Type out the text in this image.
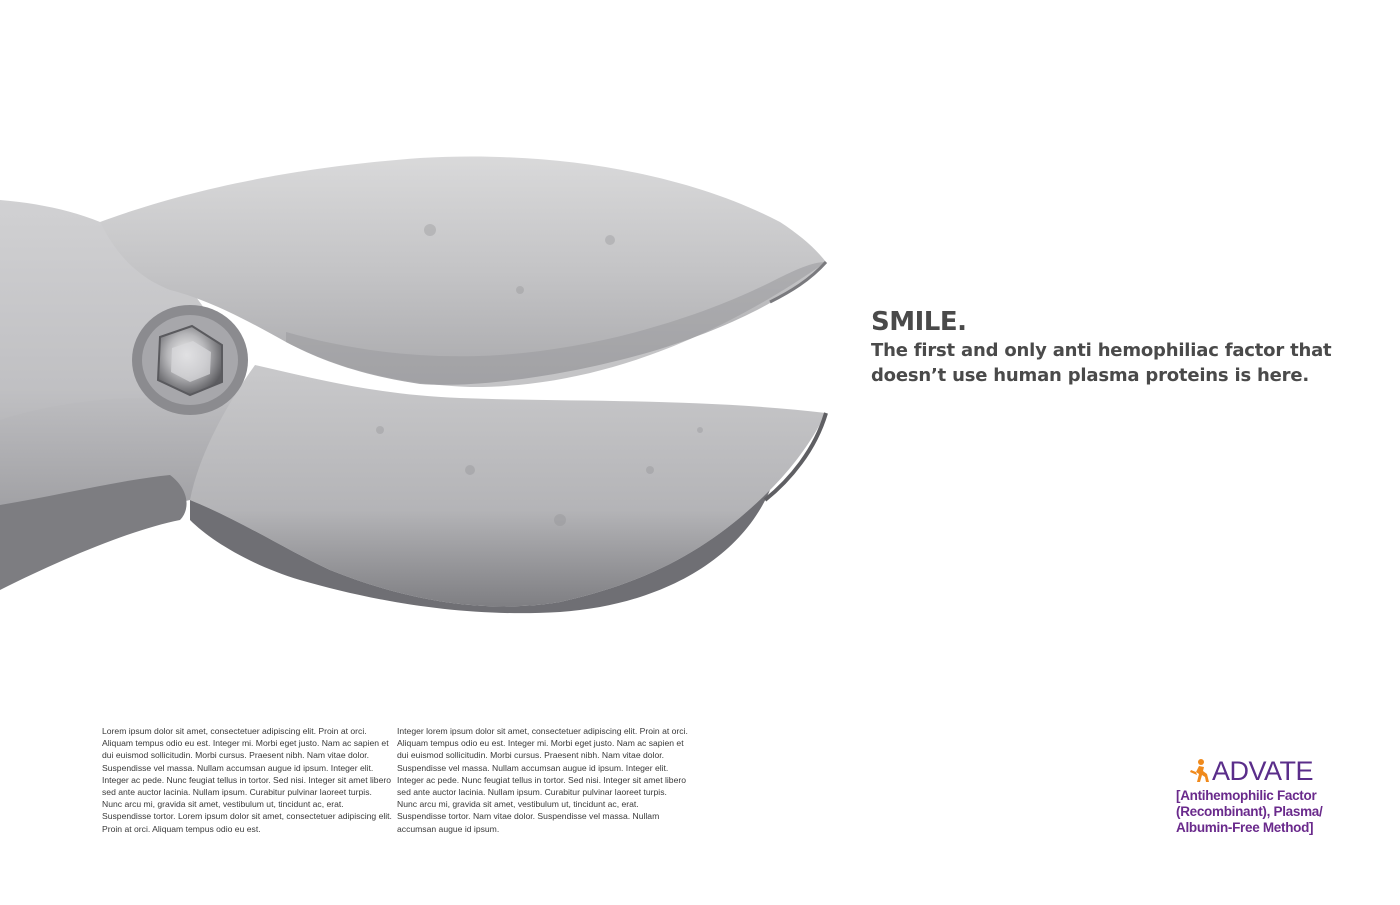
SMILE.

The first and only anti hemophiliac factor that

doesn’t use human plasma proteins is here.

Lorem ipsum dolor sit amet, consectetuer adipiscing elit. Proin at orci. Aliquam tempus odio eu est. Integer mi. Morbi eget justo. Nam ac sapien et dui euismod sollicitudin. Morbi cursus. Praesent nibh. Nam vitae dolor. Suspendisse vel massa. Nullam accumsan augue id ipsum. Integer elit. Integer ac pede. Nunc feugiat tellus in tortor. Sed nisi. Integer sit amet libero sed ante auctor lacinia. Nullam ipsum. Curabitur pulvinar laoreet turpis. Nunc arcu mi, gravida sit amet, vestibulum ut, tincidunt ac, erat. Suspendisse tortor. Lorem ipsum dolor sit amet, consectetuer adipiscing elit. Proin at orci. Aliquam tempus odio eu est.
Integer lorem ipsum dolor sit amet, consectetuer adipiscing elit. Proin at orci. Aliquam tempus odio eu est. Integer mi. Morbi eget justo. Nam ac sapien et dui euismod sollicitudin. Morbi cursus. Praesent nibh. Nam vitae dolor. Suspendisse vel massa. Nullam accumsan augue id ipsum. Integer elit. Integer ac pede. Nunc feugiat tellus in tortor. Sed nisi. Integer sit amet libero sed ante auctor lacinia. Nullam ipsum. Curabitur pulvinar laoreet turpis. Nunc arcu mi, gravida sit amet, vestibulum ut, tincidunt ac, erat. Suspendisse tortor. Nam vitae dolor. Suspendisse vel massa. Nullam accumsan augue id ipsum.
ADVATE
[Antihemophilic Factor
(Recombinant), Plasma/
Albumin-Free Method]
